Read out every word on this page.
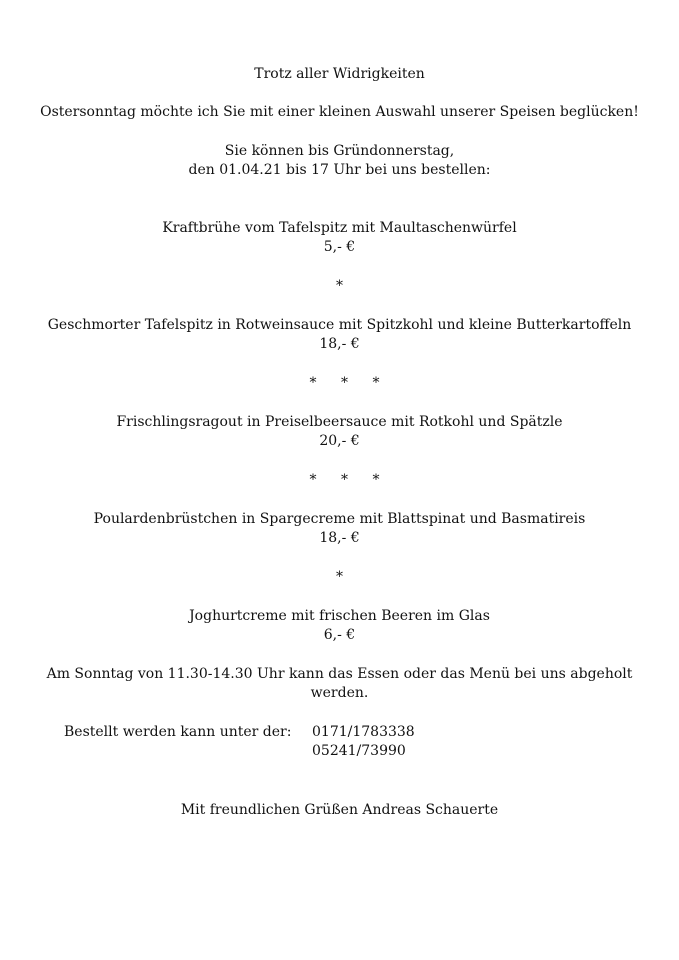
Trotz aller Widrigkeiten
Ostersonntag möchte ich Sie mit einer kleinen Auswahl unserer Speisen beglücken!
Sie können bis Gründonnerstag,
den 01.04.21 bis 17 Uhr bei uns bestellen:
Kraftbrühe vom Tafelspitz mit Maultaschenwürfel
5,- €
*
Geschmorter Tafelspitz in Rotweinsauce mit Spitzkohl und kleine Butterkartoffeln
18,- €
* * *
Frischlingsragout in Preiselbeersauce mit Rotkohl und Spätzle
20,- €
* * *
Poulardenbrüstchen in Spargecreme mit Blattspinat und Basmatireis
18,- €
*
Joghurtcreme mit frischen Beeren im Glas
6,- €
Am Sonntag von 11.30-14.30 Uhr kann das Essen oder das Menü bei uns abgeholt
werden.
Bestellt werden kann unter der: 0171/1783338
05241/73990
Mit freundlichen Grüßen Andreas Schauerte
